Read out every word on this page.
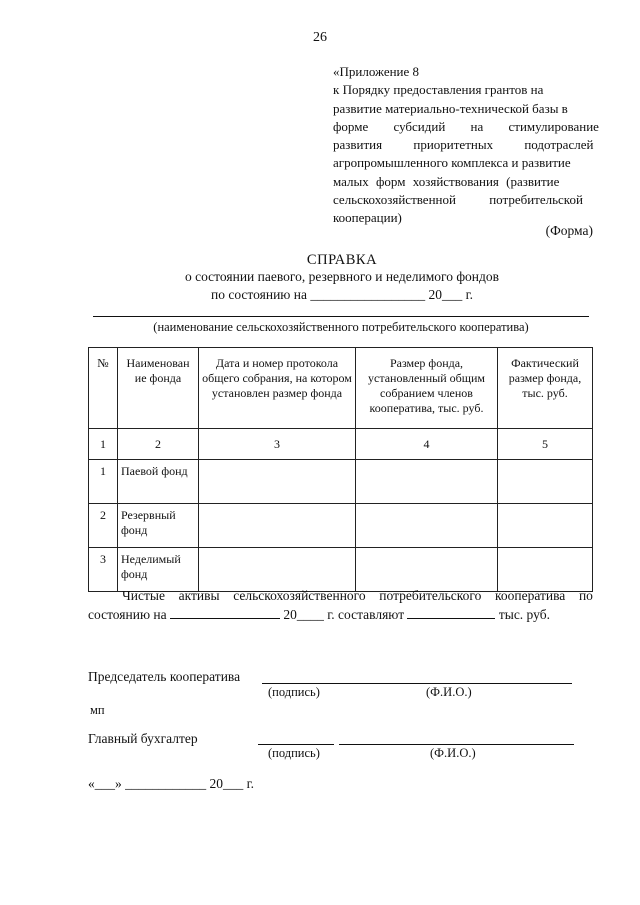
26
«Приложение 8
к Порядку предоставления грантов на
развитие материально-технической базы в
форме субсидий на стимулирование
развития приоритетных подотраслей
агропромышленного комплекса и развитие
малых форм хозяйствования (развитие
сельскохозяйственной потребительской
кооперации)
(Форма)
СПРАВКА
о состоянии паевого, резервного и неделимого фондов
по состоянию на _________________ 20___ г.
(наименование сельскохозяйственного потребительского кооператива)
№	Наименован ие фонда	Дата и номер протокола общего собрания, на котором установлен размер фонда	Размер фонда, установленный общим собранием членов кооператива, тыс. руб.	Фактический размер фонда, тыс. руб.
1	2	3	4	5
1	Паевой фонд			
2	Резервный фонд			
3	Неделимый фонд			
Чистые активы сельскохозяйственного потребительского кооператива по
состоянию на	20____ г. составляют	тыс. руб.
Председатель кооператива
(подпись)	(Ф.И.О.)
мп
Главный бухгалтер
(подпись)	(Ф.И.О.)
«___» ____________ 20___ г.
